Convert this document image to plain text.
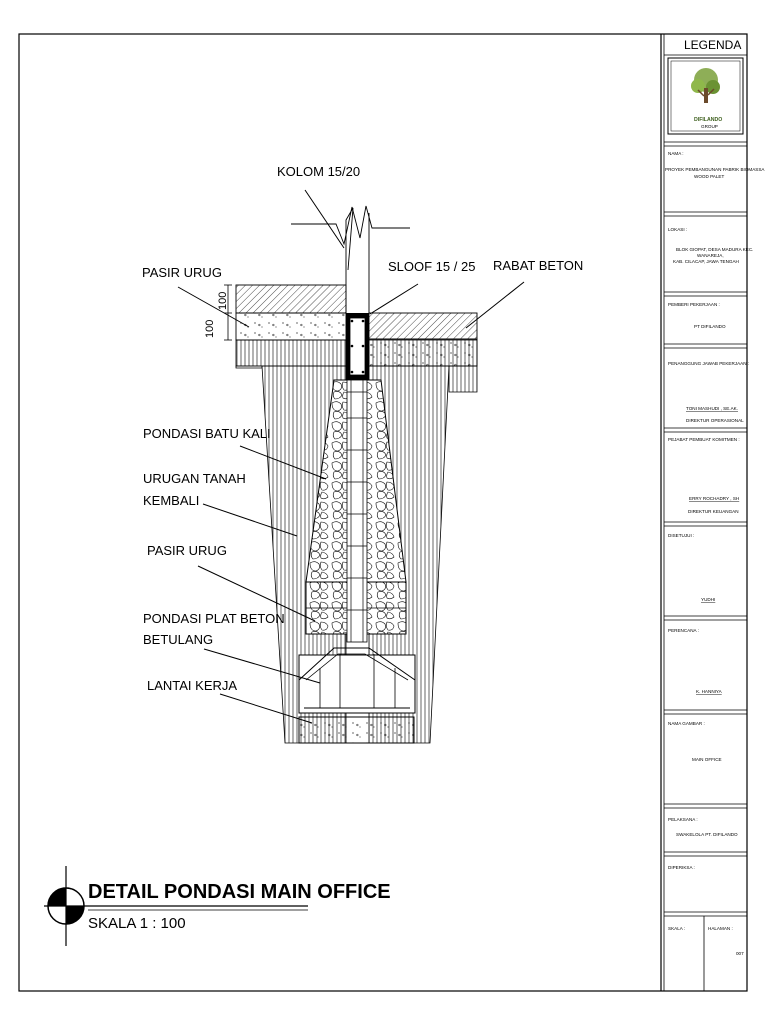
100
100
KOLOM 15/20
PASIR URUG	SLOOF 15 / 25 RABAT BETON
PONDASI BATU KALI
URUGAN TANAH
KEMBALI
PASIR URUG
PONDASI PLAT BETON
BETULANG
LANTAI KERJA
DETAIL PONDASI MAIN OFFICE
SKALA 1 : 100
LEGENDA
DIFILANDO
GROUP
NAMA :
PROYEK PEMBANGUNAN PABRIK BIOMASSA
WOOD PALET
LOKASI :
BLOK GIOPAT, DESA MADURA KEC.
WANAREJA,
KAB. CILACAP, JAWA TENGAH
PEMBERI PEKERJAAN :
PT DIFILANDO
PENANGGUNG JAWAB PEKERJAAN :
TONI MASHUDI , SE.AK.
DIREKTUR OPERASIONAL
PEJABAT PEMBUAT KOMITMEN :
ERRY ROCHADRY , SH
DIREKTUR KEUANGAN
DISETUJUI :
YUDHI
PERENCANA :
K. HANNIYA
NAMA GAMBAR :
MAIN OFFICE
PELAKSANA :
SWAKELOLA PT. DIFILANDO
DIPERIKSA :
SKALA :	HALAMAN :
007
